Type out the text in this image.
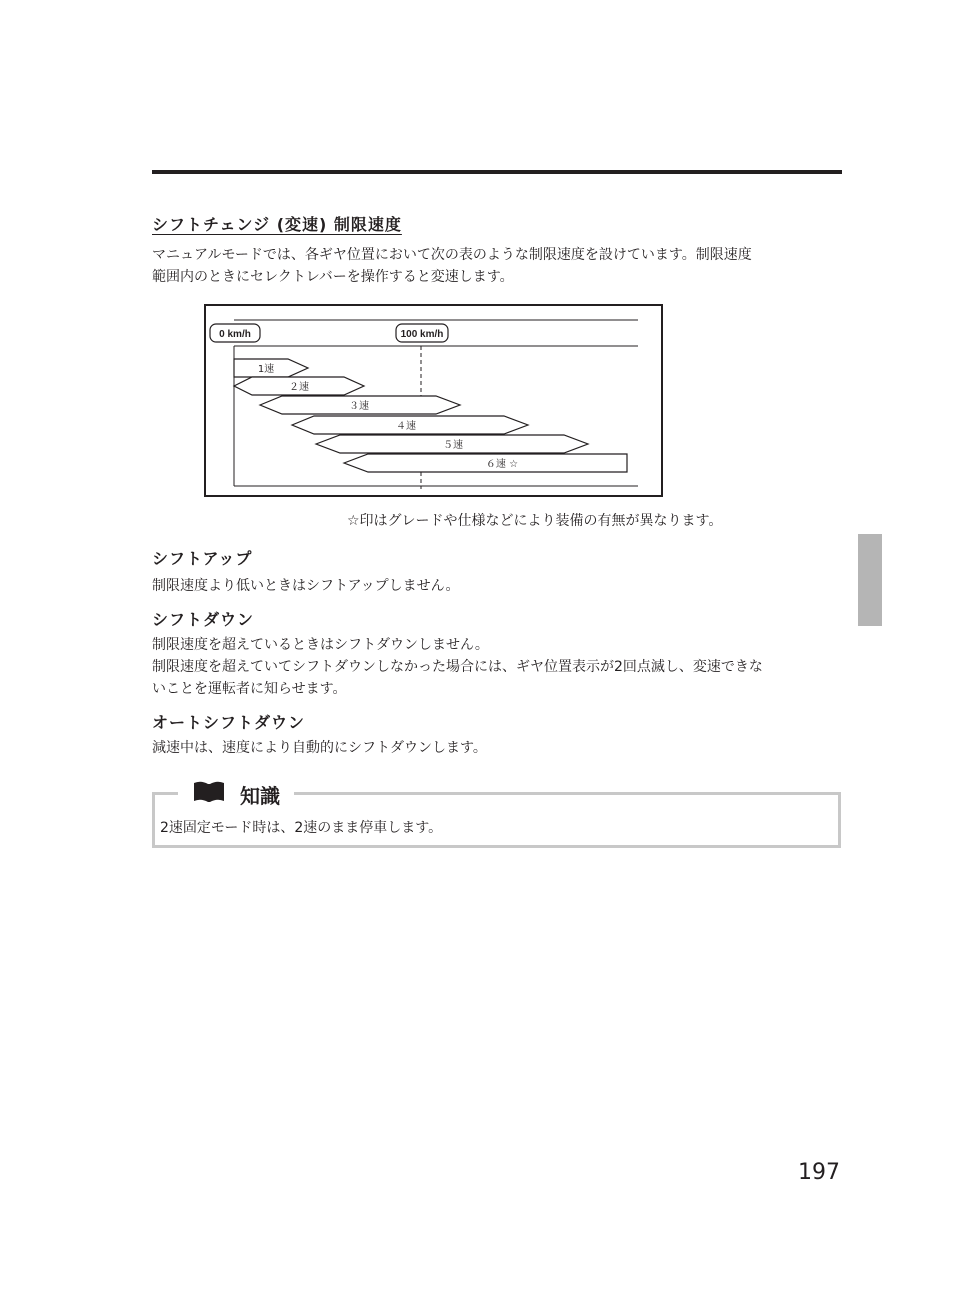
シフトチェンジ (変速) 制限速度
マニュアルモードでは、各ギヤ位置において次の表のような制限速度を設けています。制限速度
範囲内のときにセレクトレバーを操作すると変速します。
0 km/h	100 km/h
1速
２速
３速
４速
５速
６速 ☆
☆印はグレードや仕様などにより装備の有無が異なります。
シフトアップ
制限速度より低いときはシフトアップしません。
シフトダウン
制限速度を超えているときはシフトダウンしません。
制限速度を超えていてシフトダウンしなかった場合には、ギヤ位置表示が2回点滅し、変速できな
いことを運転者に知らせます。
オートシフトダウン
減速中は、速度により自動的にシフトダウンします。
知識
2速固定モード時は、2速のまま停車します。
197
